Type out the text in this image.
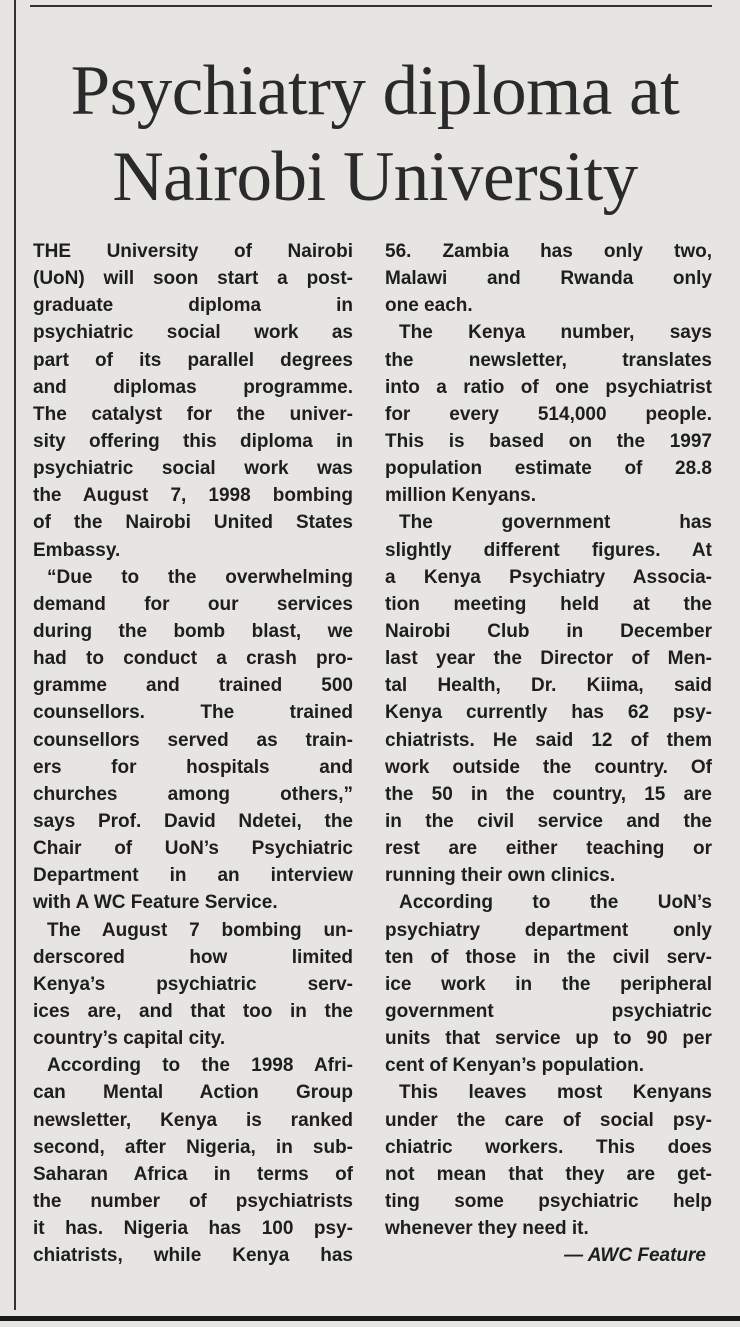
Psychiatry diploma at
Nairobi University
THE University of Nairobi
(UoN) will soon start a post-
graduate diploma in
psychiatric social work as
part of its parallel degrees
and diplomas programme.
The catalyst for the univer-
sity offering this diploma in
psychiatric social work was
the August 7, 1998 bombing
of the Nairobi United States
Embassy.
“Due to the overwhelming
demand for our services
during the bomb blast, we
had to conduct a crash pro-
gramme and trained 500
counsellors. The trained
counsellors served as train-
ers for hospitals and
churches among others,”
says Prof. David Ndetei, the
Chair of UoN’s Psychiatric
Department in an interview
with A WC Feature Service.
The August 7 bombing un-
derscored how limited
Kenya’s psychiatric serv-
ices are, and that too in the
country’s capital city.
According to the 1998 Afri-
can Mental Action Group
newsletter, Kenya is ranked
second, after Nigeria, in sub-
Saharan Africa in terms of
the number of psychiatrists
it has. Nigeria has 100 psy-
chiatrists, while Kenya has
56. Zambia has only two,
Malawi and Rwanda only
one each.
The Kenya number, says
the newsletter, translates
into a ratio of one psychiatrist
for every 514,000 people.
This is based on the 1997
population estimate of 28.8
million Kenyans.
The government has
slightly different figures. At
a Kenya Psychiatry Associa-
tion meeting held at the
Nairobi Club in December
last year the Director of Men-
tal Health, Dr. Kiima, said
Kenya currently has 62 psy-
chiatrists. He said 12 of them
work outside the country. Of
the 50 in the country, 15 are
in the civil service and the
rest are either teaching or
running their own clinics.
According to the UoN’s
psychiatry department only
ten of those in the civil serv-
ice work in the peripheral
government psychiatric
units that service up to 90 per
cent of Kenyan’s population.
This leaves most Kenyans
under the care of social psy-
chiatric workers. This does
not mean that they are get-
ting some psychiatric help
whenever they need it.
— AWC Feature
